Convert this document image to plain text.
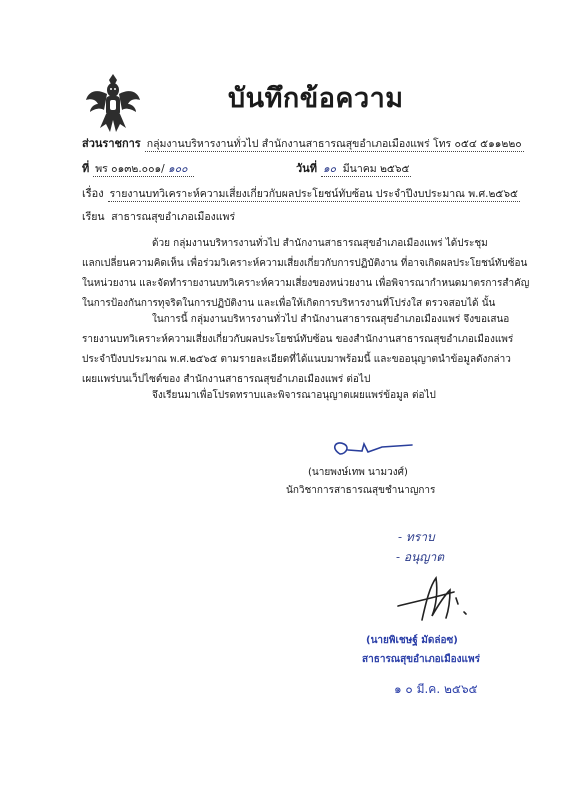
บันทึกข้อความ
ส่วนราชการ กลุ่มงานบริหารงานทั่วไป สำนักงานสาธารณสุขอำเภอเมืองแพร่ โทร ๐๕๔ ๕๑๑๒๒๐
ที่ พร ๐๑๓๒.๐๐๑/ ๑๐๐	วันที่ ๑๐ มีนาคม ๒๕๖๕
เรื่อง รายงานบทวิเคราะห์ความเสี่ยงเกี่ยวกับผลประโยชน์ทับซ้อน ประจำปีงบประมาณ พ.ศ.๒๕๖๕
เรียน สาธารณสุขอำเภอเมืองแพร่
ด้วย กลุ่มงานบริหารงานทั่วไป สำนักงานสาธารณสุขอำเภอเมืองแพร่ ได้ประชุม
แลกเปลี่ยนความคิดเห็น เพื่อร่วมวิเคราะห์ความเสี่ยงเกี่ยวกับการปฏิบัติงาน ที่อาจเกิดผลประโยชน์ทับซ้อน
ในหน่วยงาน และจัดทำรายงานบทวิเคราะห์ความเสี่ยงของหน่วยงาน เพื่อพิจารณากำหนดมาตรการสำคัญ
ในการป้องกันการทุจริตในการปฏิบัติงาน และเพื่อให้เกิดการบริหารงานที่โปร่งใส ตรวจสอบได้ นั้น
ในการนี้ กลุ่มงานบริหารงานทั่วไป สำนักงานสาธารณสุขอำเภอเมืองแพร่ จึงขอเสนอ
รายงานบทวิเคราะห์ความเสี่ยงเกี่ยวกับผลประโยชน์ทับซ้อน ของสำนักงานสาธารณสุขอำเภอเมืองแพร่
ประจำปีงบประมาณ พ.ศ.๒๕๖๕ ตามรายละเอียดที่ได้แนบมาพร้อมนี้ และขออนุญาตนำข้อมูลดังกล่าว
เผยแพร่บนเว็ปไซต์ของ สำนักงานสาธารณสุขอำเภอเมืองแพร่ ต่อไป
จึงเรียนมาเพื่อโปรดทราบและพิจารณาอนุญาตเผยแพร่ข้อมูล ต่อไป
(นายพงษ์เทพ นามวงศ์)
นักวิชาการสาธารณสุขชำนาญการ
- ทราบ
- อนุญาต
(นายพิเชษฐ์ มัดล่อซ)
สาธารณสุขอำเภอเมืองแพร่
๑ ๐ มี.ค. ๒๕๖๕
